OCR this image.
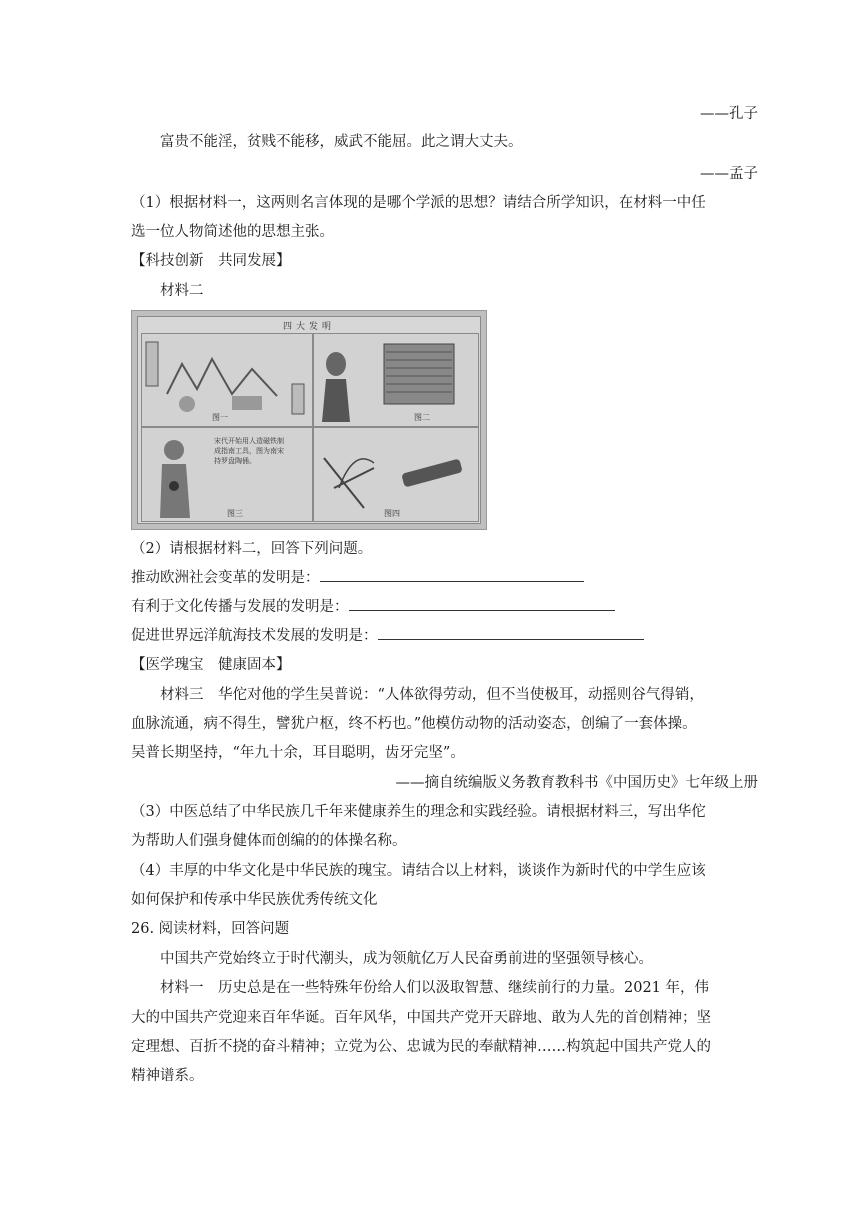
——孔子
富贵不能淫，贫贱不能移，威武不能屈。此之谓大丈夫。
——孟子
（1）根据材料一，这两则名言体现的是哪个学派的思想？请结合所学知识，在材料一中任
选一位人物简述他的思想主张。
【科技创新　共同发展】
材料二
四大发明
图一	图二
宋代开始用人造磁铁制成指南工具，图为南宋持罗盘陶俑。
图三	图四
（2）请根据材料二，回答下列问题。
推动欧洲社会变革的发明是：
有利于文化传播与发展的发明是：
促进世界远洋航海技术发展的发明是：
【医学瑰宝　健康固本】
材料三　华佗对他的学生吴普说：“人体欲得劳动，但不当使极耳，动摇则谷气得销，
血脉流通，病不得生，譬犹户枢，终不朽也。”他模仿动物的活动姿态，创编了一套体操。
吴普长期坚持，“年九十余，耳目聪明，齿牙完坚”。
——摘自统编版义务教育教科书《中国历史》七年级上册
（3）中医总结了中华民族几千年来健康养生的理念和实践经验。请根据材料三，写出华佗
为帮助人们强身健体而创编的的体操名称。
（4）丰厚的中华文化是中华民族的瑰宝。请结合以上材料，谈谈作为新时代的中学生应该
如何保护和传承中华民族优秀传统文化
26. 阅读材料，回答问题
中国共产党始终立于时代潮头，成为领航亿万人民奋勇前进的坚强领导核心。
材料一　历史总是在一些特殊年份给人们以汲取智慧、继续前行的力量。2021 年，伟
大的中国共产党迎来百年华诞。百年风华，中国共产党开天辟地、敢为人先的首创精神；坚
定理想、百折不挠的奋斗精神；立党为公、忠诚为民的奉献精神……构筑起中国共产党人的
精神谱系。
